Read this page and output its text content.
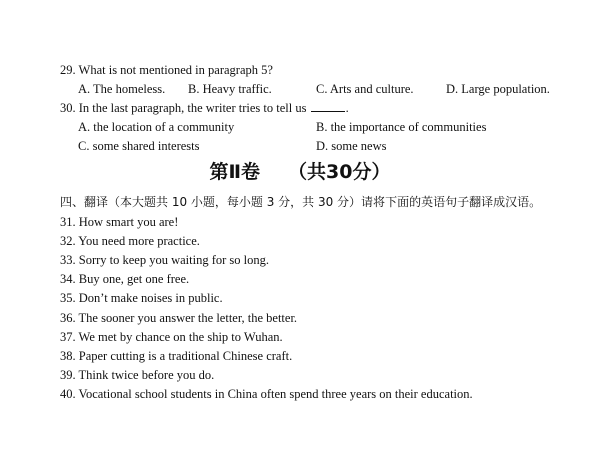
29. What is not mentioned in paragraph 5?
A. The homeless. B. Heavy traffic.	C. Arts and culture.	D. Large population.
30. In the last paragraph, the writer tries to tell us	.
A. the location of a community	B. the importance of communities
C. some shared interests	D. some news
第Ⅱ卷 （共30分）
四、翻译（本大题共 10 小题，每小题 3 分，共 30 分）请将下面的英语句子翻译成汉语。
31. How smart you are!
32. You need more practice.
33. Sorry to keep you waiting for so long.
34. Buy one, get one free.
35. Don’t make noises in public.
36. The sooner you answer the letter, the better.
37. We met by chance on the ship to Wuhan.
38. Paper cutting is a traditional Chinese craft.
39. Think twice before you do.
40. Vocational school students in China often spend three years on their education.
